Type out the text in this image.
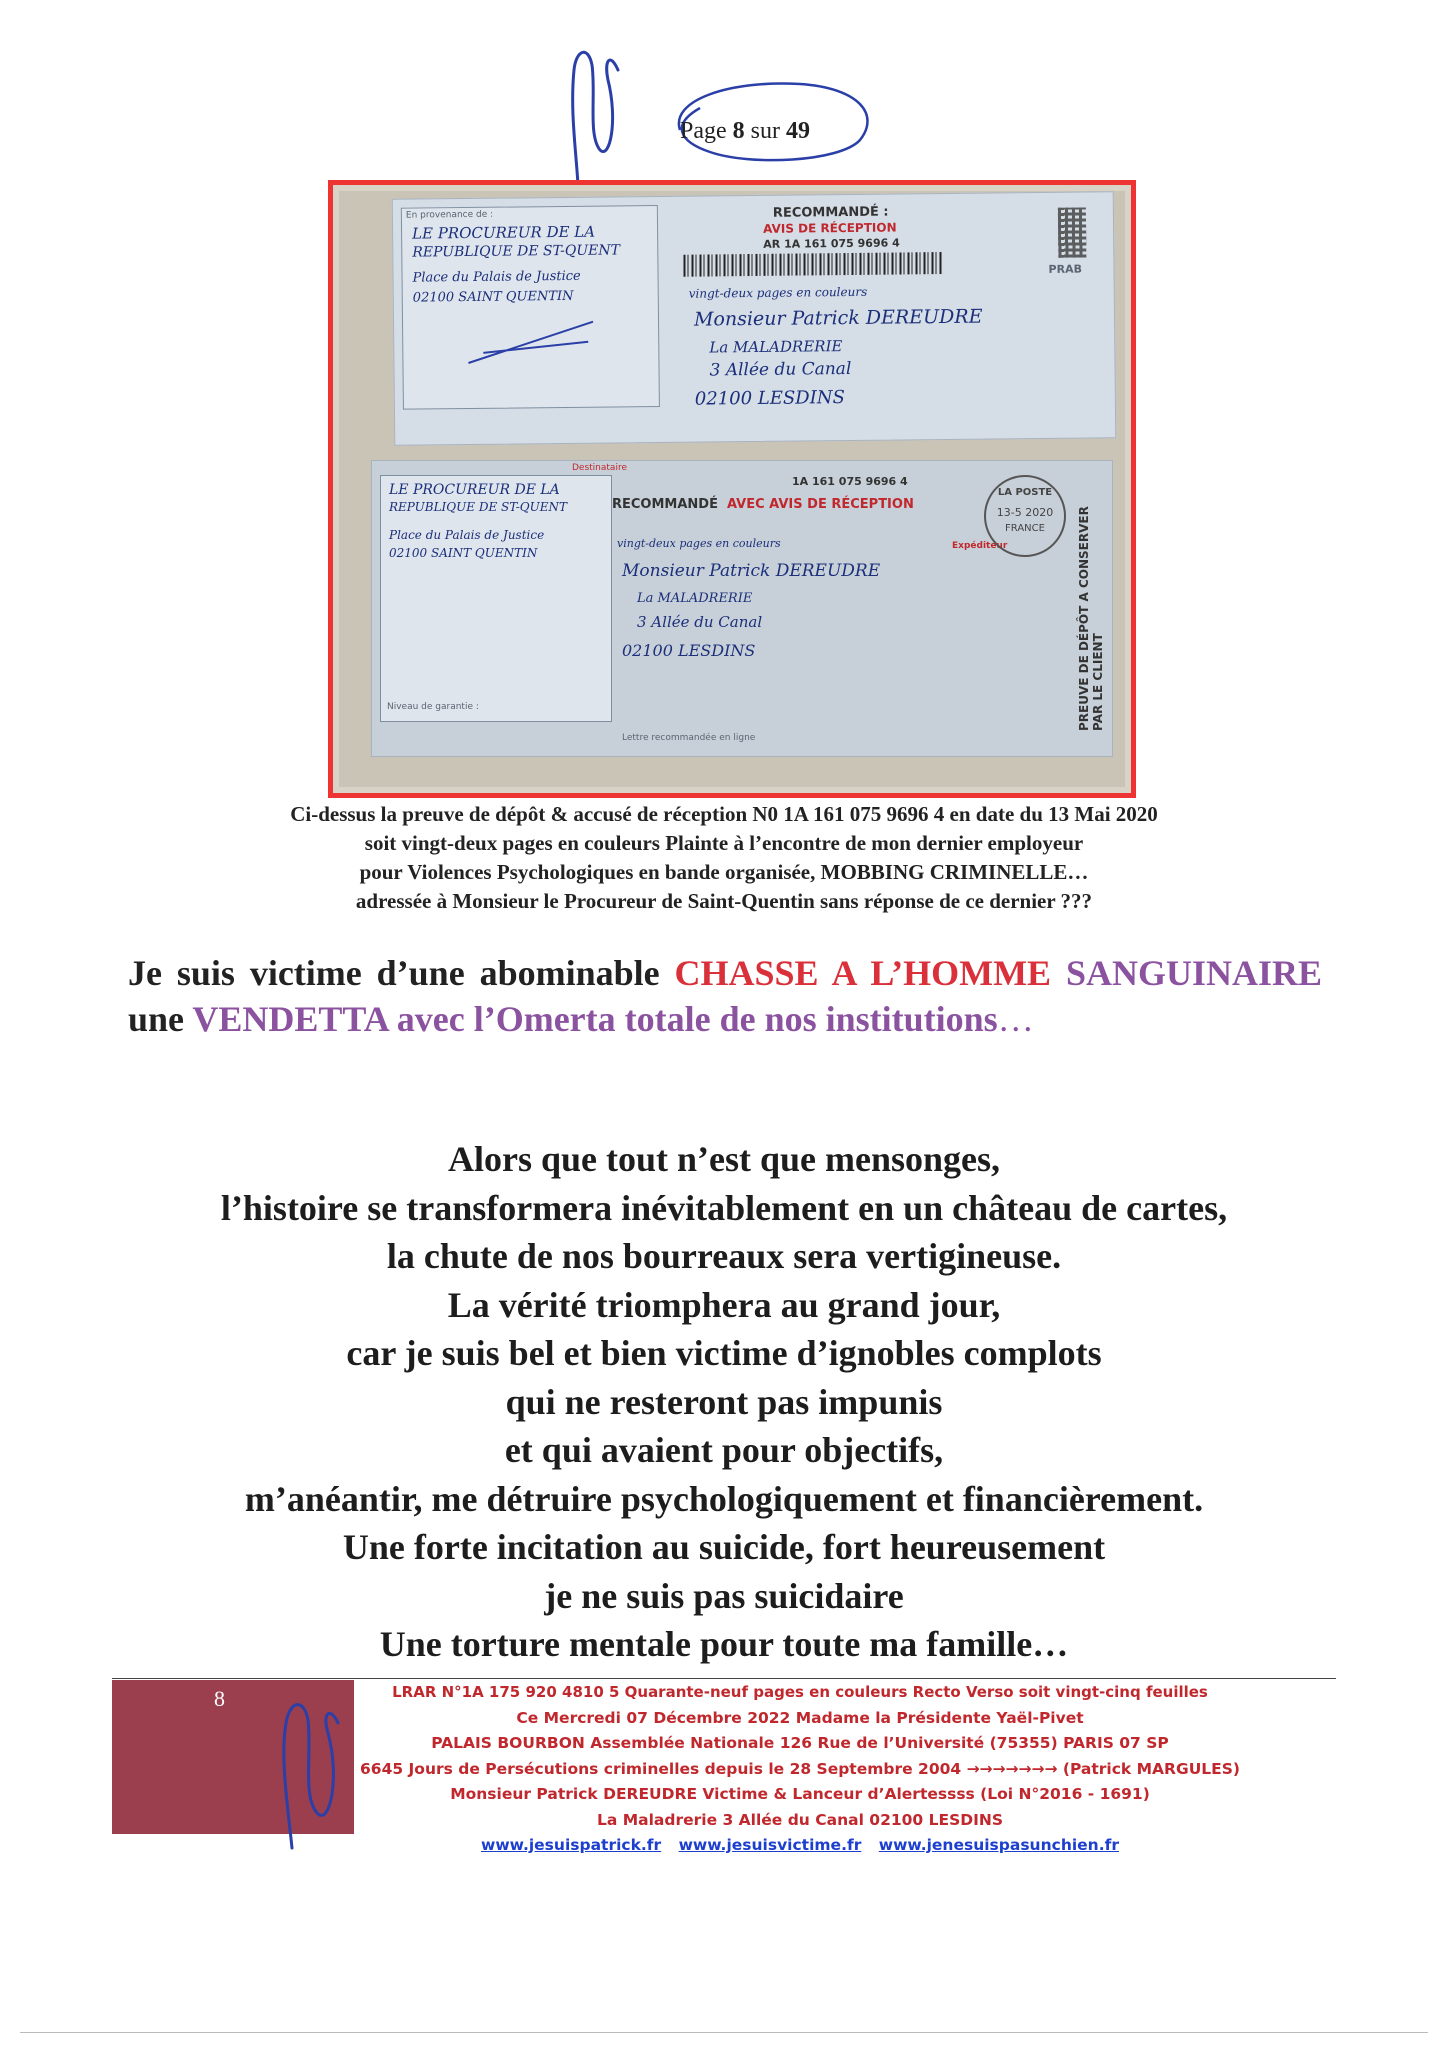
Page 8 sur 49
En provenance de :
LE PROCUREUR DE LA
REPUBLIQUE DE ST-QUENT
Place du Palais de Justice
02100 SAINT QUENTIN
RECOMMANDÉ :
AVIS DE RÉCEPTION
AR 1A 161 075 9696 4
PRAB
vingt-deux pages en couleurs
Monsieur Patrick DEREUDRE
La MALADRERIE
3 Allée du Canal
02100 LESDINS
Destinataire
LE PROCUREUR DE LA
REPUBLIQUE DE ST-QUENT
Place du Palais de Justice
02100 SAINT QUENTIN
Niveau de garantie :
1A 161 075 9696 4
RECOMMANDÉ AVEC AVIS DE RÉCEPTION
Expéditeur
vingt-deux pages en couleurs
Monsieur Patrick DEREUDRE
La MALADRERIE
3 Allée du Canal
02100 LESDINS
Lettre recommandée en ligne
LA POSTE
13-5 2020
FRANCE	PREUVE DE DÉPÔT A CONSERVER PAR LE CLIENT
Ci-dessus la preuve de dépôt & accusé de réception N0 1A 161 075 9696 4 en date du 13 Mai 2020
soit vingt-deux pages en couleurs Plainte à l’encontre de mon dernier employeur
pour Violences Psychologiques en bande organisée, MOBBING CRIMINELLE…
adressée à Monsieur le Procureur de Saint-Quentin sans réponse de ce dernier ???
Je suis victime d’une abominable CHASSE A L’HOMME SANGUINAIRE une VENDETTA avec l’Omerta totale de nos institutions…
Alors que tout n’est que mensonges,
l’histoire se transformera inévitablement en un château de cartes,
la chute de nos bourreaux sera vertigineuse.
La vérité triomphera au grand jour,
car je suis bel et bien victime d’ignobles complots
qui ne resteront pas impunis
et qui avaient pour objectifs,
m’anéantir, me détruire psychologiquement et financièrement.
Une forte incitation au suicide, fort heureusement
je ne suis pas suicidaire
Une torture mentale pour toute ma famille…
8	LRAR N°1A 175 920 4810 5 Quarante-neuf pages en couleurs Recto Verso soit vingt-cinq feuilles
Ce Mercredi 07 Décembre 2022 Madame la Présidente Yaël-Pivet
PALAIS BOURBON Assemblée Nationale 126 Rue de l’Université (75355) PARIS 07 SP
6645 Jours de Persécutions criminelles depuis le 28 Septembre 2004 →→→→→→→ (Patrick MARGULES)
Monsieur Patrick DEREUDRE Victime & Lanceur d’Alertessss (Loi N°2016 - 1691)
La Maladrerie 3 Allée du Canal 02100 LESDINS
www.jesuispatrick.fr www.jesuisvictime.fr www.jenesuispasunchien.fr
